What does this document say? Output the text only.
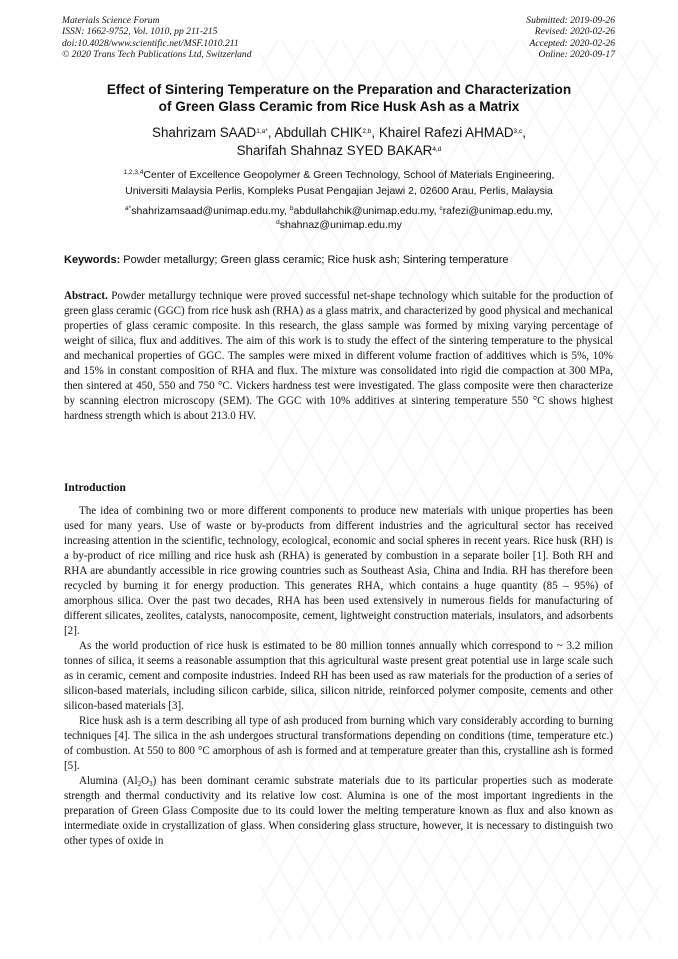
Materials Science Forum
ISSN: 1662-9752, Vol. 1010, pp 211-215
doi:10.4028/www.scientific.net/MSF.1010.211
© 2020 Trans Tech Publications Ltd, Switzerland
Submitted: 2019-09-26
Revised: 2020-02-26
Accepted: 2020-02-26
Online: 2020-09-17
Effect of Sintering Temperature on the Preparation and Characterization
of Green Glass Ceramic from Rice Husk Ash as a Matrix
Shahrizam $SAAD^{1,a*}$, Abdullah CHIK$^{2,b}$, Khairel Rafezi AHMAD$^{3,c}$,
Sharifah Shahnaz SYED BAKAR$^{4,d}$
$^{1,2,3,4}$Center of Excellence Geopolymer & Green Technology, School of Materials Engineering,
Universiti Malaysia Perlis, Kompleks Pusat Pengajian Jejawi 2, 02600 Arau, Perlis, Malaysia
$^{a*}$shahrizamsaad@unimap.edu.my, $^b$abdullahchik@unimap.edu.my, $^c$rafezi@unimap.edu.my,
$^d$shahnaz@unimap.edu.my
Keywords: Powder metallurgy; Green glass ceramic; Rice husk ash; Sintering temperature
Abstract. Powder metallurgy technique were proved successful net-shape technology which suitable for the production of green glass ceramic (GGC) from rice husk ash (RHA) as a glass matrix, and characterized by good physical and mechanical properties of glass ceramic composite. In this research, the glass sample was formed by mixing varying percentage of weight of silica, flux and additives. The aim of this work is to study the effect of the sintering temperature to the physical and mechanical properties of GGC. The samples were mixed in different volume fraction of additives which is 5%, 10% and 15% in constant composition of RHA and flux. The mixture was consolidated into rigid die compaction at 300 MPa, then sintered at 450, 550 and 750 °C. Vickers hardness test were investigated. The glass composite were then characterize by scanning electron microscopy (SEM). The GGC with 10% additives at sintering temperature 550 °C shows highest hardness strength which is about 213.0 HV.
Introduction

The idea of combining two or more different components to produce new materials with unique properties has been used for many years. Use of waste or by-products from different industries and the agricultural sector has received increasing attention in the scientific, technology, ecological, economic and social spheres in recent years. Rice husk (RH) is a by-product of rice milling and rice husk ash (RHA) is generated by combustion in a separate boiler [1]. Both RH and RHA are abundantly accessible in rice growing countries such as Southeast Asia, China and India. RH has therefore been recycled by burning it for energy production. This generates RHA, which contains a huge quantity (85 – 95%) of amorphous silica. Over the past two decades, RHA has been used extensively in numerous fields for manufacturing of different silicates, zeolites, catalysts, nanocomposite, cement, lightweight construction materials, insulators, and adsorbents [2].

As the world production of rice husk is estimated to be 80 million tonnes annually which correspond to ~ 3.2 milion tonnes of silica, it seems a reasonable assumption that this agricultural waste present great potential use in large scale such as in ceramic, cement and composite industries. Indeed RH has been used as raw materials for the production of a series of silicon-based materials, including silicon carbide, silica, silicon nitride, reinforced polymer composite, cements and other silicon-based materials [3].

Rice husk ash is a term describing all type of ash produced from burning which vary considerably according to burning techniques [4]. The silica in the ash undergoes structural transformations depending on conditions (time, temperature etc.) of combustion. At 550 to 800 °C amorphous of ash is formed and at temperature greater than this, crystalline ash is formed [5].

Alumina $(Al_2O_3)$ has been dominant ceramic substrate materials due to its particular properties such as moderate strength and thermal conductivity and its relative low cost. Alumina is one of the most important ingredients in the preparation of Green Glass Composite due to its could lower the melting temperature known as flux and also known as intermediate oxide in crystallization of glass. When considering glass structure, however, it is necessary to distinguish two other types of oxide in
